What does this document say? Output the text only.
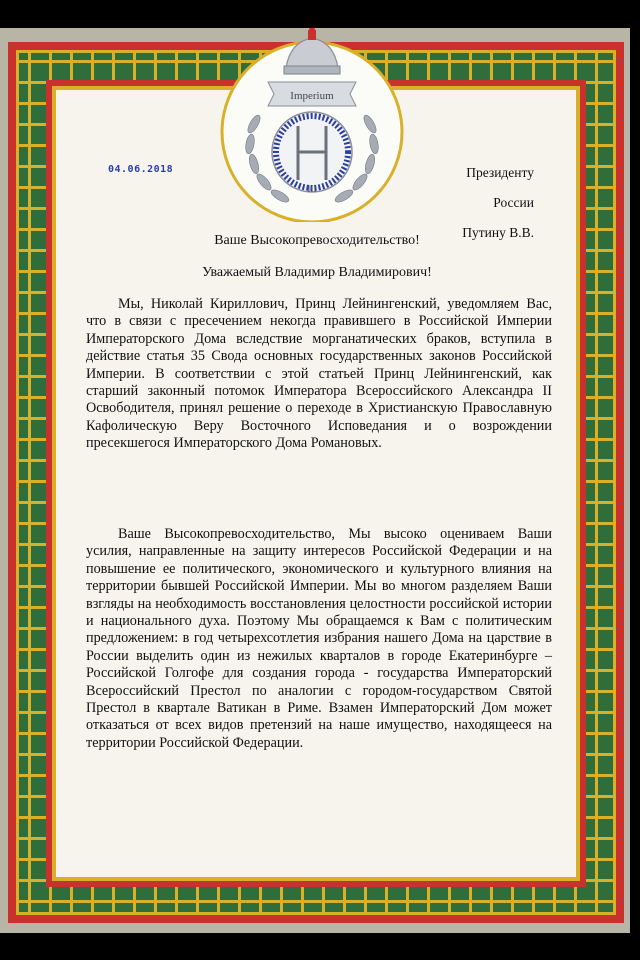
Imperium
III
04.06.2018	Президенту
России
Путину В.В.
Ваше Высокопревосходительство!
Уважаемый Владимир Владимирович!

Мы, Николай Кириллович, Принц Лейнингенский, уведомляем Вас, что в связи с пресечением некогда правившего в Российской Империи Императорского Дома вследствие морганатических браков, вступила в действие статья 35 Свода основных государственных законов Российской Империи. В соответствии с этой статьей Принц Лейнингенский, как старший законный потомок Императора Всероссийского Александра II Освободителя, принял решение о переходе в Христианскую Православную Кафолическую Веру Восточного Исповедания и о возрождении пресекшегося Императорского Дома Романовых.

Ваше Высокопревосходительство, Мы высоко оцениваем Ваши усилия, направленные на защиту интересов Российской Федерации и на повышение ее политического, экономического и культурного влияния на территории бывшей Российской Империи. Мы во многом разделяем Ваши взгляды на необходимость восстановления целостности российской истории и национального духа. Поэтому Мы обращаемся к Вам с политическим предложением: в год четырехсотлетия избрания нашего Дома на царствие в России выделить один из нежилых кварталов в городе Екатеринбурге – Российской Голгофе для создания города - государства Императорский Всероссийский Престол по аналогии с городом-государством Святой Престол в квартале Ватикан в Риме. Взамен Императорский Дом может отказаться от всех видов претензий на наше имущество, находящееся на территории Российской Федерации.
